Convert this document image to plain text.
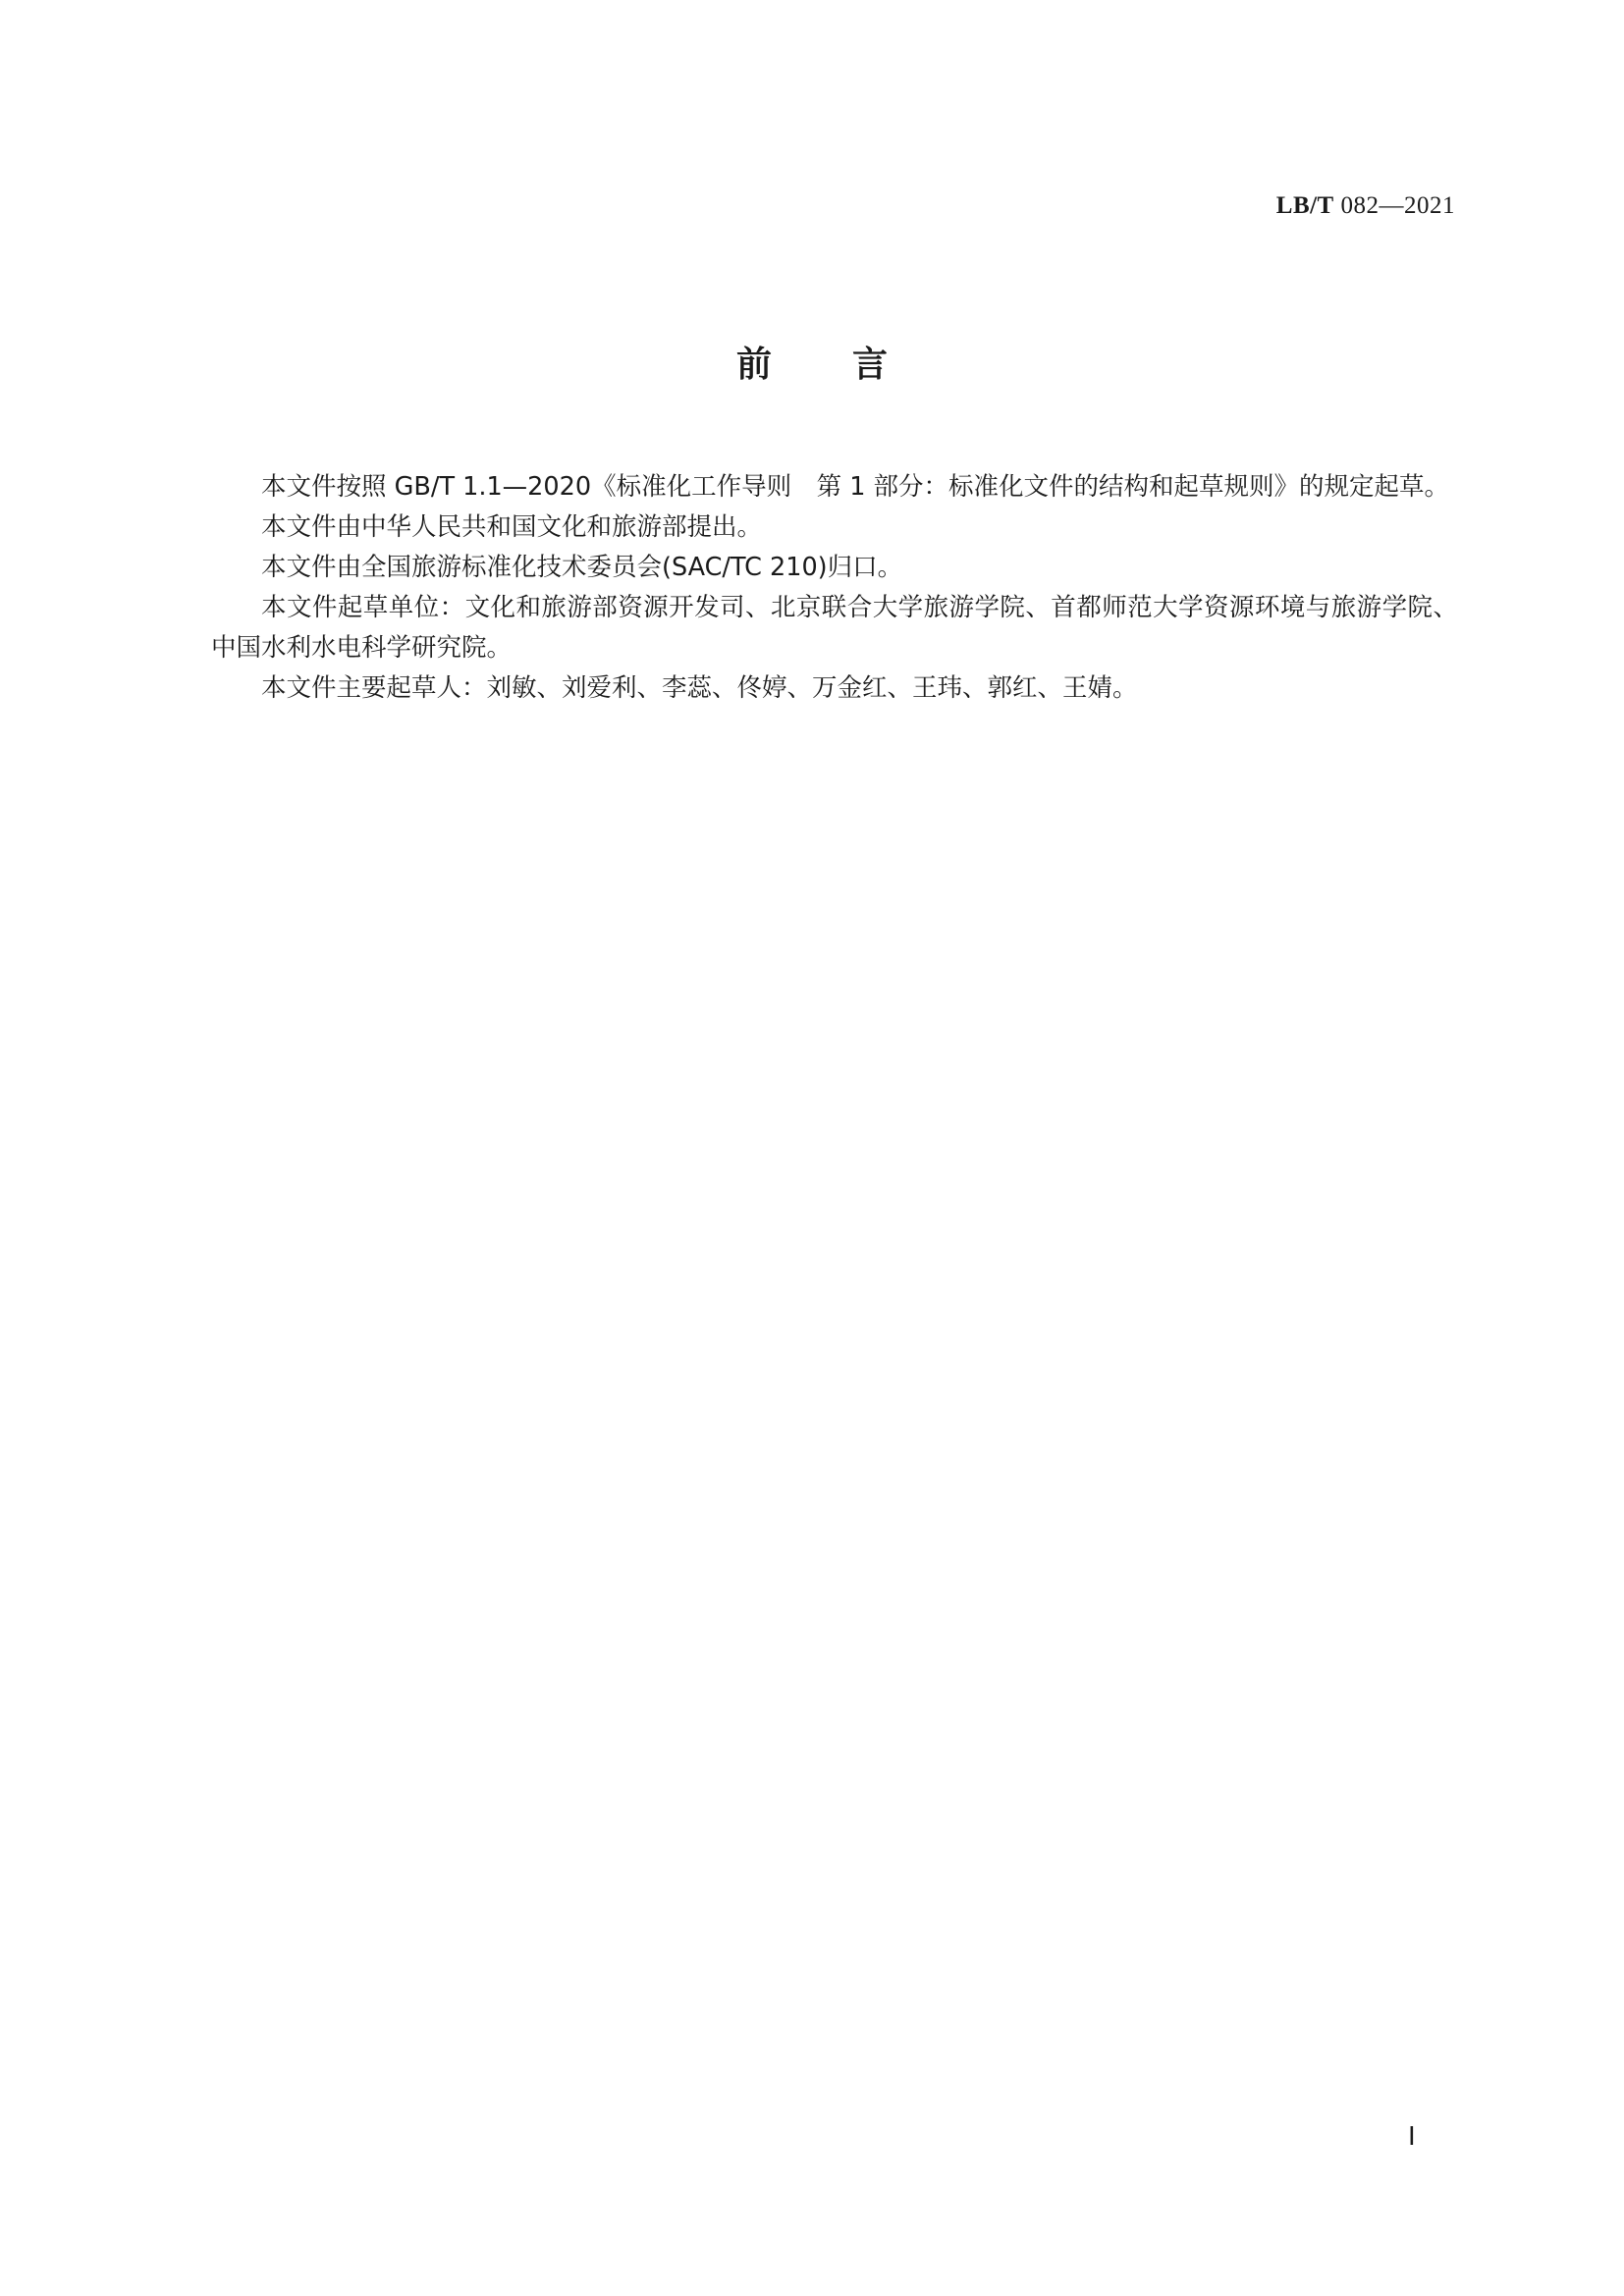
LB/T 082—2021
前言

本文件按照 GB/T 1.1—2020《标准化工作导则　第 1 部分：标准化文件的结构和起草规则》的规定起草。

本文件由中华人民共和国文化和旅游部提出。

本文件由全国旅游标准化技术委员会(SAC/TC 210)归口。

本文件起草单位：文化和旅游部资源开发司、北京联合大学旅游学院、首都师范大学资源环境与旅游学院、中国水利水电科学研究院。

本文件主要起草人：刘敏、刘爱利、李蕊、佟婷、万金红、王玮、郭红、王婧。

Ⅰ
